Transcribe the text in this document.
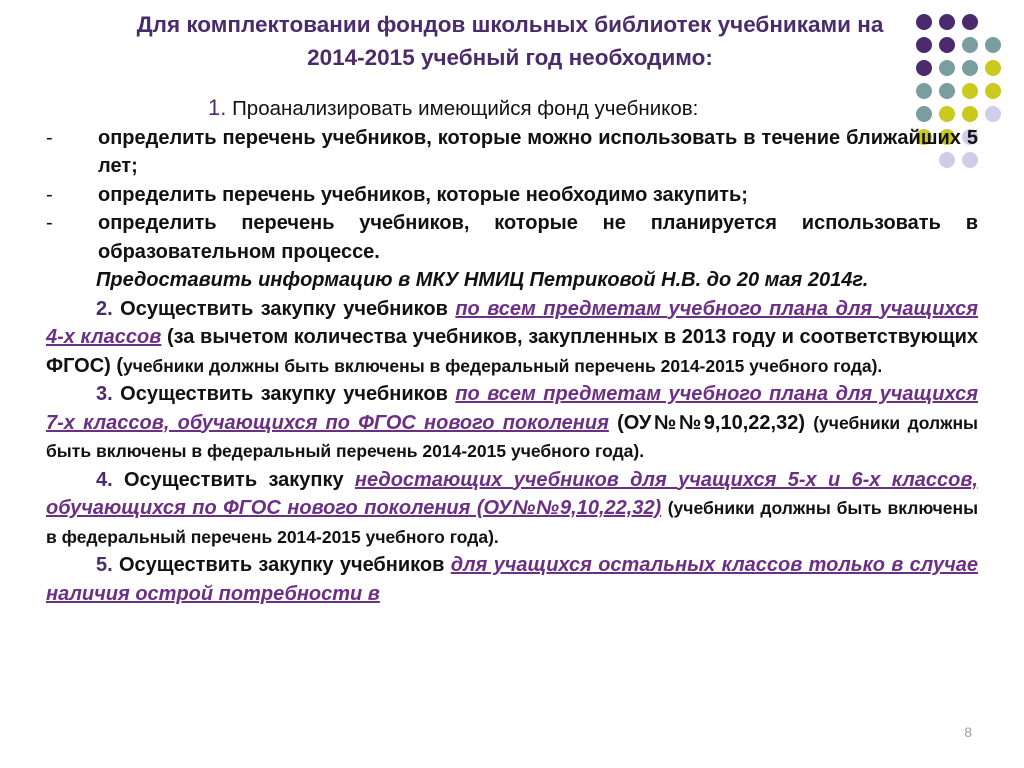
Для комплектовании фондов школьных библиотек учебниками на 2014-2015 учебный год необходимо:
1. Проанализировать имеющийся фонд учебников:
- определить перечень учебников, которые можно использовать в течение ближайших 5 лет;
- определить перечень учебников, которые необходимо закупить;
- определить перечень учебников, которые не планируется использовать в образовательном процессе.
Предоставить информацию в МКУ НМИЦ Петриковой Н.В. до 20 мая 2014г.
2. Осуществить закупку учебников по всем предметам учебного плана для учащихся 4-х классов (за вычетом количества учебников, закупленных в 2013 году и соответствующих ФГОС) (учебники должны быть включены в федеральный перечень 2014-2015 учебного года).
3. Осуществить закупку учебников по всем предметам учебного плана для учащихся 7-х классов, обучающихся по ФГОС нового поколения (ОУ№№9,10,22,32) (учебники должны быть включены в федеральный перечень 2014-2015 учебного года).
4. Осуществить закупку недостающих учебников для учащихся 5-х и 6-х классов, обучающихся по ФГОС нового поколения (ОУ№№9,10,22,32) (учебники должны быть включены в федеральный перечень 2014-2015 учебного года).
5. Осуществить закупку учебников для учащихся остальных классов только в случае наличия острой потребности в
8
